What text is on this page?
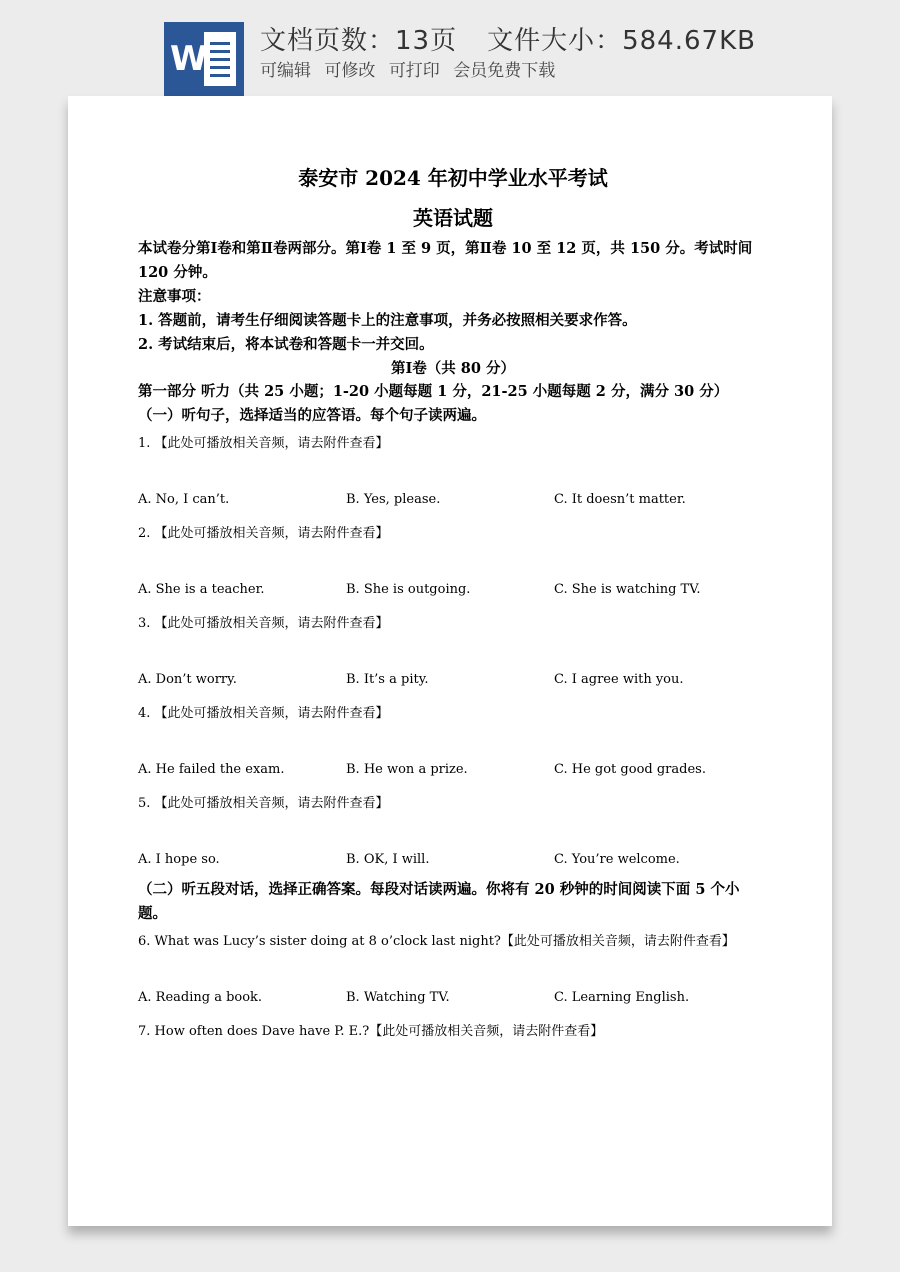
W 文档页数：13页 文件大小：584.67KB
可编辑 可修改 可打印 会员免费下载
泰安市 2024 年初中学业水平考试
英语试题
本试卷分第Ⅰ卷和第Ⅱ卷两部分。第Ⅰ卷 1 至 9 页，第Ⅱ卷 10 至 12 页，共 150 分。考试时间
120 分钟。
注意事项：
1. 答题前，请考生仔细阅读答题卡上的注意事项，并务必按照相关要求作答。
2. 考试结束后，将本试卷和答题卡一并交回。
第Ⅰ卷（共 80 分）
第一部分 听力（共 25 小题；1-20 小题每题 1 分，21-25 小题每题 2 分，满分 30 分）
（一）听句子，选择适当的应答语。每个句子读两遍。
1. 【此处可播放相关音频，请去附件查看】
A. No, I can’t.	B. Yes, please.	C. It doesn’t matter.
2. 【此处可播放相关音频，请去附件查看】
A. She is a teacher.	B. She is outgoing.	C. She is watching TV.
3. 【此处可播放相关音频，请去附件查看】
A. Don’t worry.	B. It’s a pity.	C. I agree with you.
4. 【此处可播放相关音频，请去附件查看】
A. He failed the exam.	B. He won a prize.	C. He got good grades.
5. 【此处可播放相关音频，请去附件查看】
A. I hope so.	B. OK, I will.	C. You’re welcome.
（二）听五段对话，选择正确答案。每段对话读两遍。你将有 20 秒钟的时间阅读下面 5 个小
题。
6. What was Lucy’s sister doing at 8 o’clock last night?【此处可播放相关音频，请去附件查看】
A. Reading a book.	B. Watching TV.	C. Learning English.
7. How often does Dave have P. E.?【此处可播放相关音频，请去附件查看】
